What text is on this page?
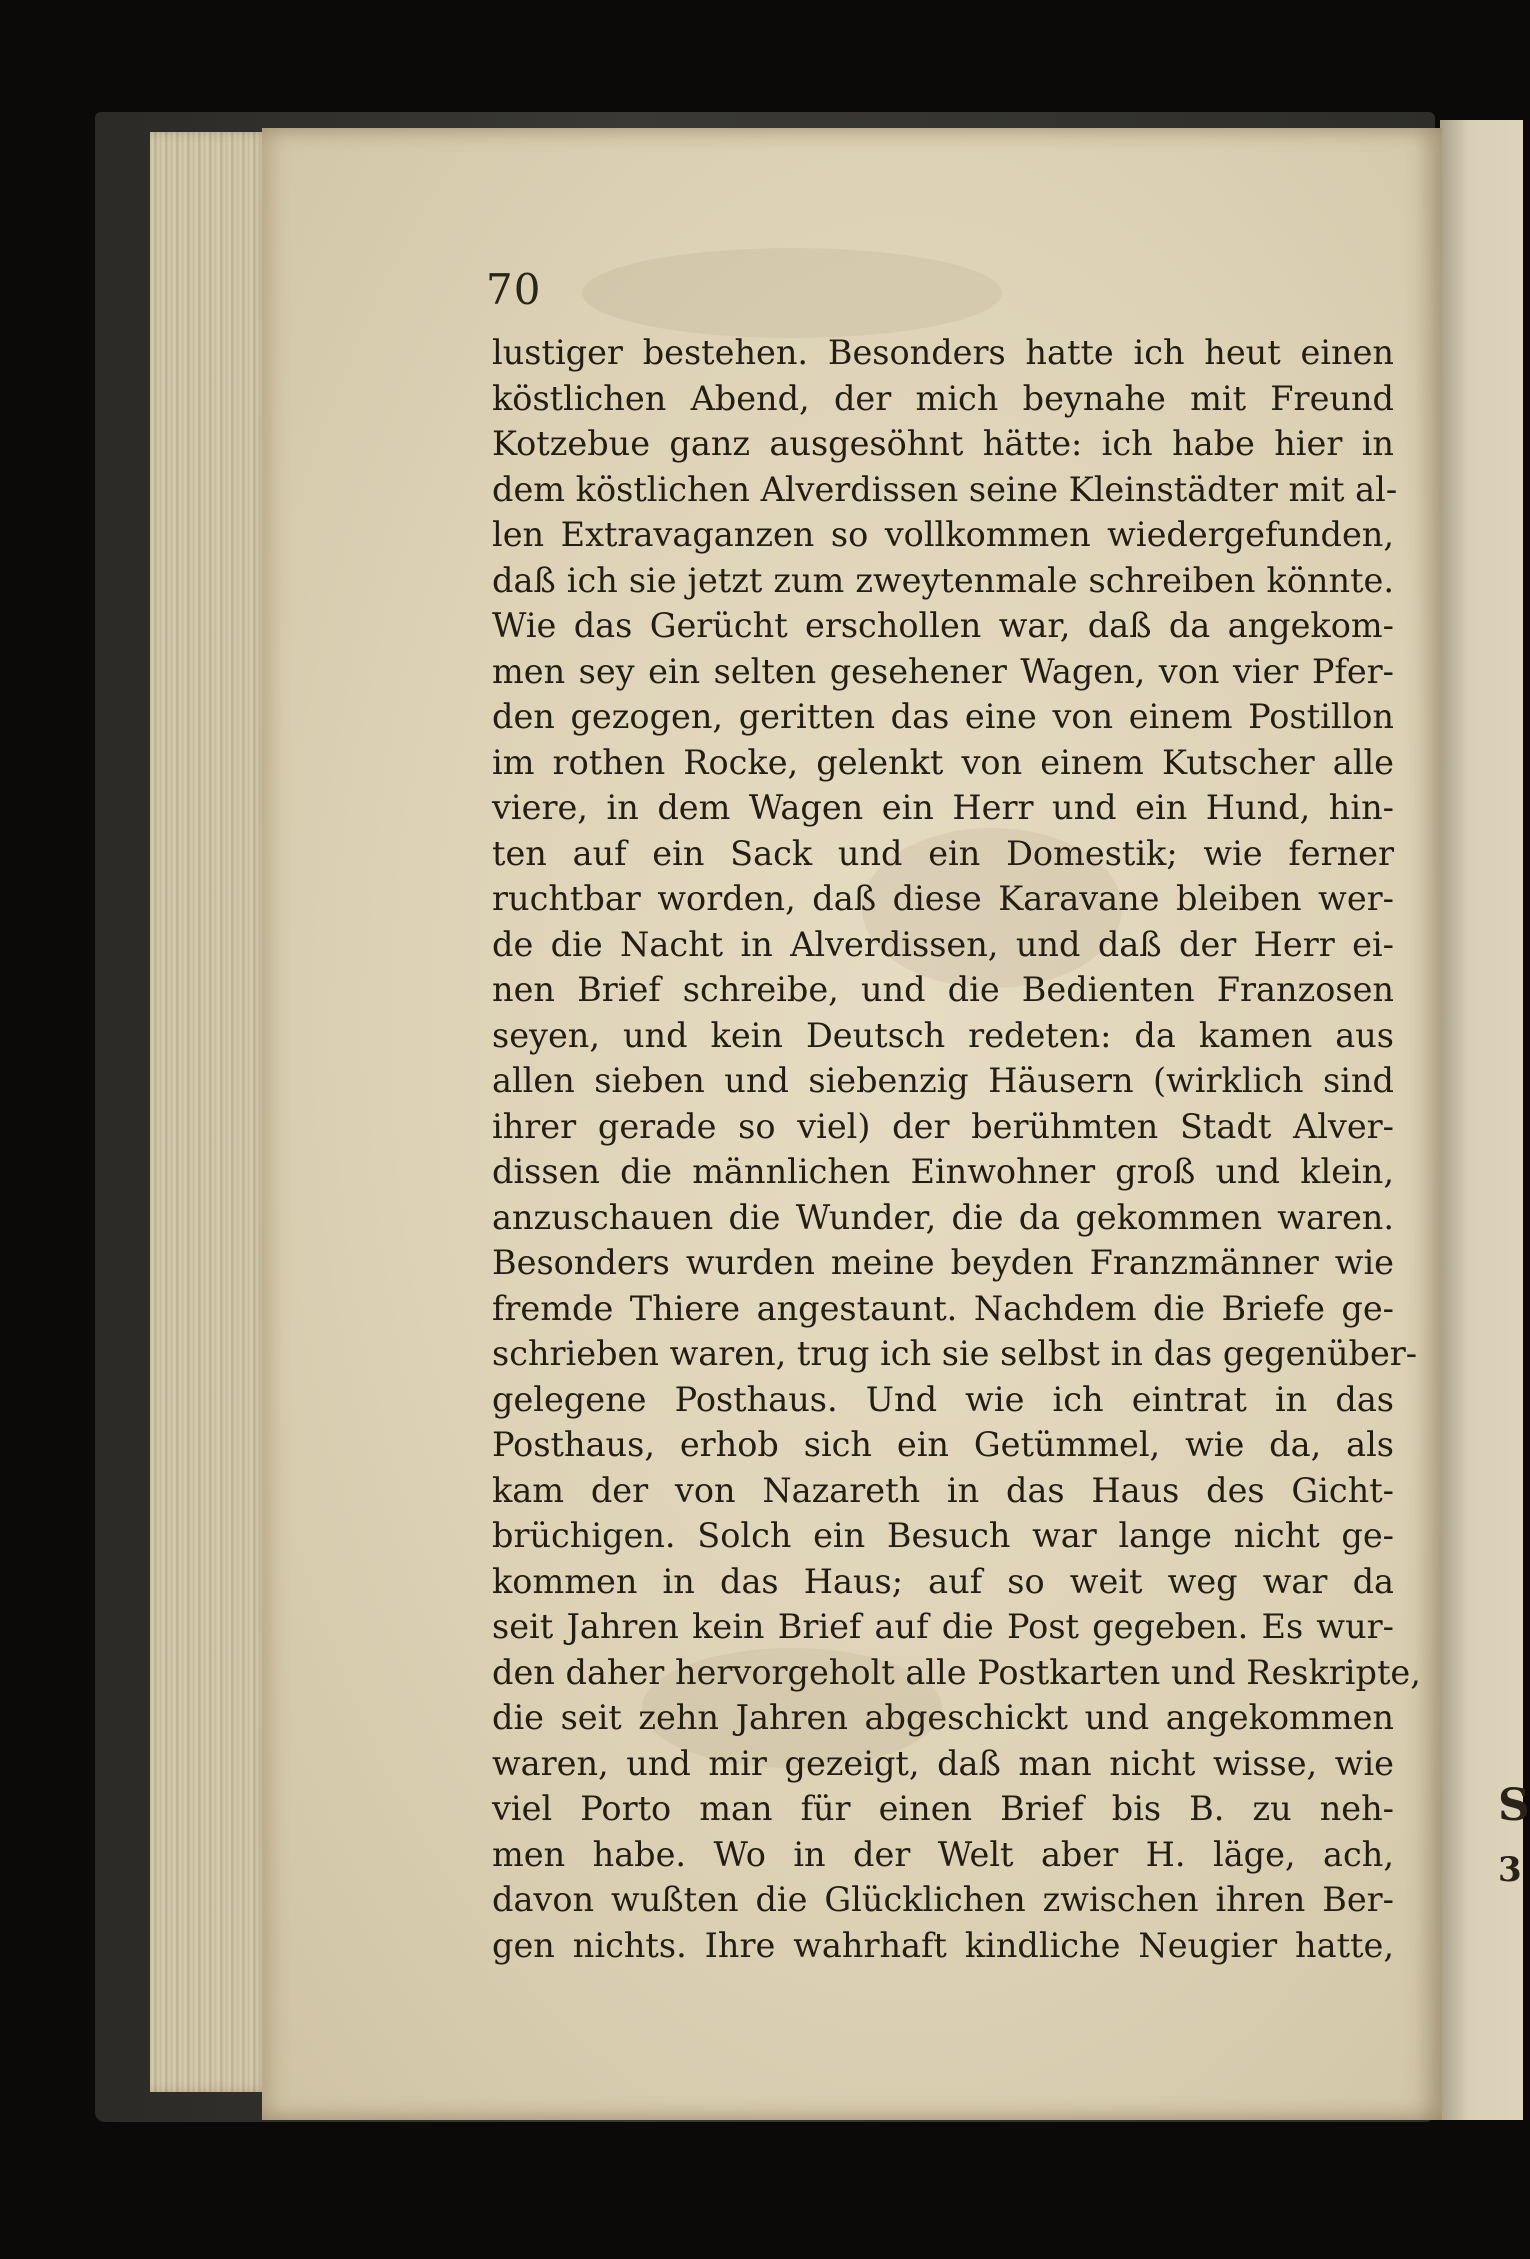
S
3
70
lustiger bestehen. Besonders hatte ich heut einen
köstlichen Abend, der mich beynahe mit Freund
Kotzebue ganz ausgesöhnt hätte: ich habe hier in
dem köstlichen Alverdissen seine Kleinstädter mit al-
len Extravaganzen so vollkommen wiedergefunden,
daß ich sie jetzt zum zweytenmale schreiben könnte.
Wie das Gerücht erschollen war, daß da angekom-
men sey ein selten gesehener Wagen, von vier Pfer-
den gezogen, geritten das eine von einem Postillon
im rothen Rocke, gelenkt von einem Kutscher alle
viere, in dem Wagen ein Herr und ein Hund, hin-
ten auf ein Sack und ein Domestik; wie ferner
ruchtbar worden, daß diese Karavane bleiben wer-
de die Nacht in Alverdissen, und daß der Herr ei-
nen Brief schreibe, und die Bedienten Franzosen
seyen, und kein Deutsch redeten: da kamen aus
allen sieben und siebenzig Häusern (wirklich sind
ihrer gerade so viel) der berühmten Stadt Alver-
dissen die männlichen Einwohner groß und klein,
anzuschauen die Wunder, die da gekommen waren.
Besonders wurden meine beyden Franzmänner wie
fremde Thiere angestaunt. Nachdem die Briefe ge-
schrieben waren, trug ich sie selbst in das gegenüber-
gelegene Posthaus. Und wie ich eintrat in das
Posthaus, erhob sich ein Getümmel, wie da, als
kam der von Nazareth in das Haus des Gicht-
brüchigen. Solch ein Besuch war lange nicht ge-
kommen in das Haus; auf so weit weg war da
seit Jahren kein Brief auf die Post gegeben. Es wur-
den daher hervorgeholt alle Postkarten und Reskripte,
die seit zehn Jahren abgeschickt und angekommen
waren, und mir gezeigt, daß man nicht wisse, wie
viel Porto man für einen Brief bis B. zu neh-
men habe. Wo in der Welt aber H. läge, ach,
davon wußten die Glücklichen zwischen ihren Ber-
gen nichts. Ihre wahrhaft kindliche Neugier hatte,
